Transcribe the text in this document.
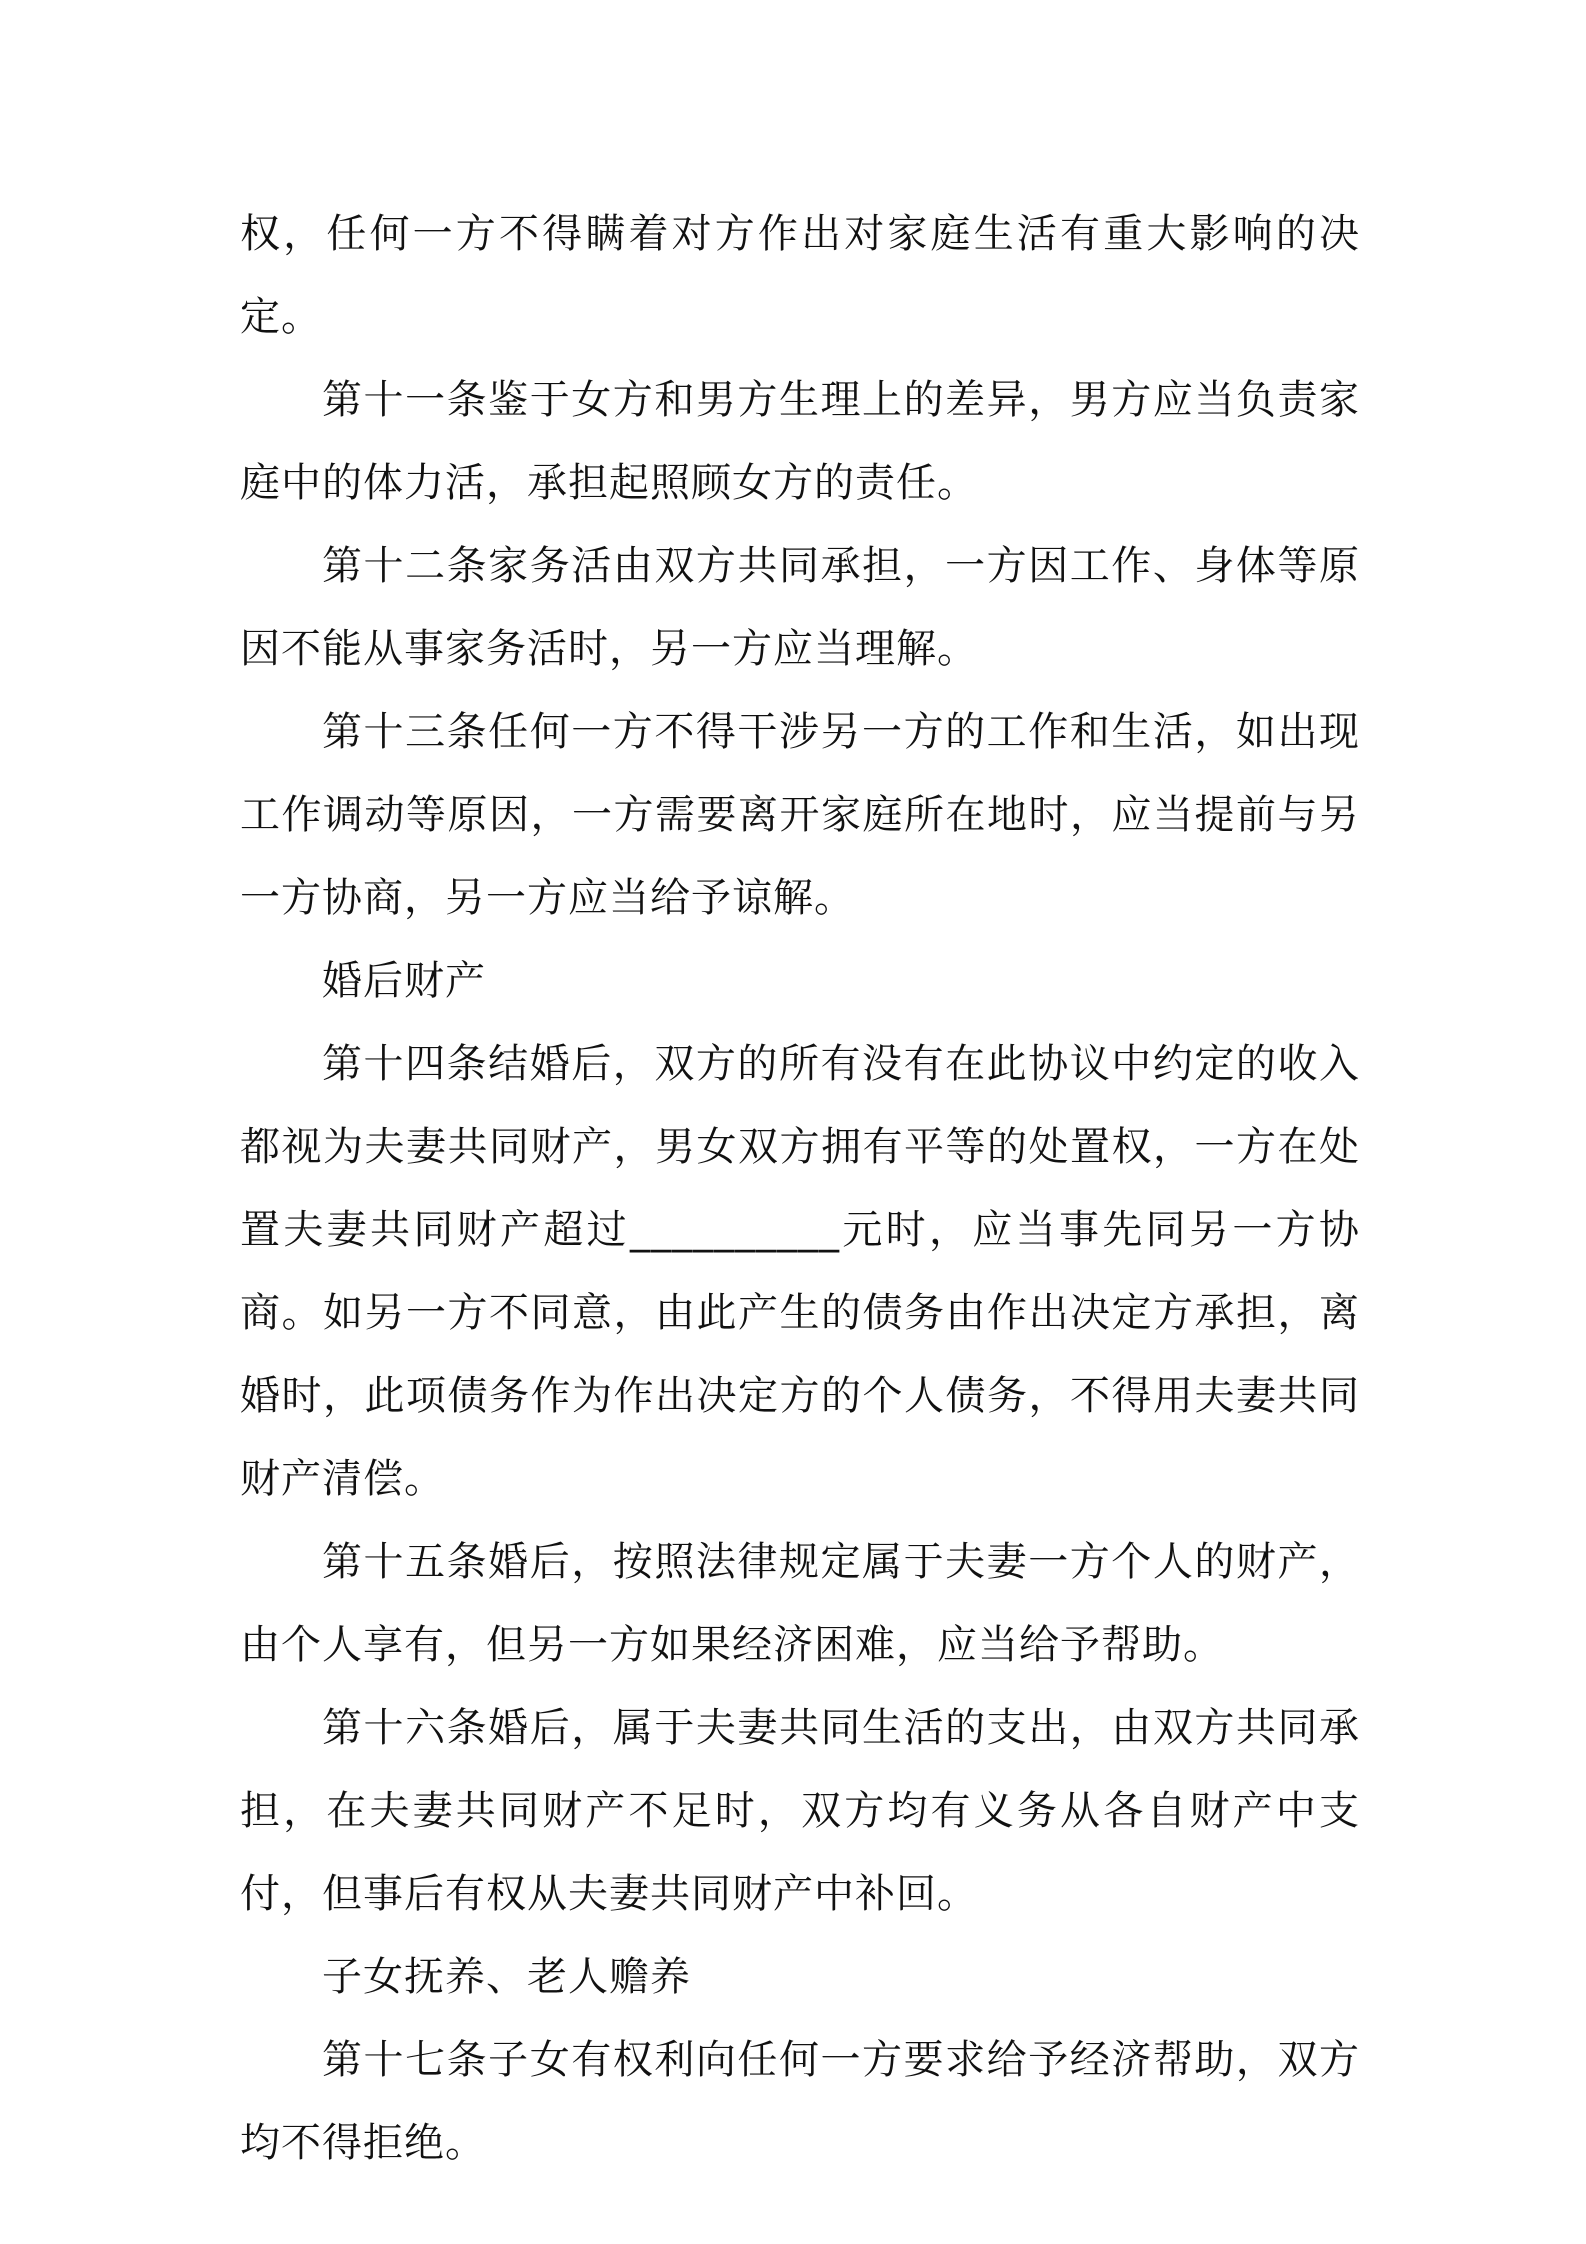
权，任何一方不得瞒着对方作出对家庭生活有重大影响的决定。

第十一条鉴于女方和男方生理上的差异，男方应当负责家庭中的体力活，承担起照顾女方的责任。

第十二条家务活由双方共同承担，一方因工作、身体等原因不能从事家务活时，另一方应当理解。

第十三条任何一方不得干涉另一方的工作和生活，如出现工作调动等原因，一方需要离开家庭所在地时，应当提前与另一方协商，另一方应当给予谅解。

婚后财产

第十四条结婚后，双方的所有没有在此协议中约定的收入都视为夫妻共同财产，男女双方拥有平等的处置权，一方在处置夫妻共同财产超过__________元时，应当事先同另一方协商。如另一方不同意，由此产生的债务由作出决定方承担，离婚时，此项债务作为作出决定方的个人债务，不得用夫妻共同财产清偿。

第十五条婚后，按照法律规定属于夫妻一方个人的财产，由个人享有，但另一方如果经济困难，应当给予帮助。

第十六条婚后，属于夫妻共同生活的支出，由双方共同承担，在夫妻共同财产不足时，双方均有义务从各自财产中支付，但事后有权从夫妻共同财产中补回。

子女抚养、老人赡养

第十七条子女有权利向任何一方要求给予经济帮助，双方均不得拒绝。
